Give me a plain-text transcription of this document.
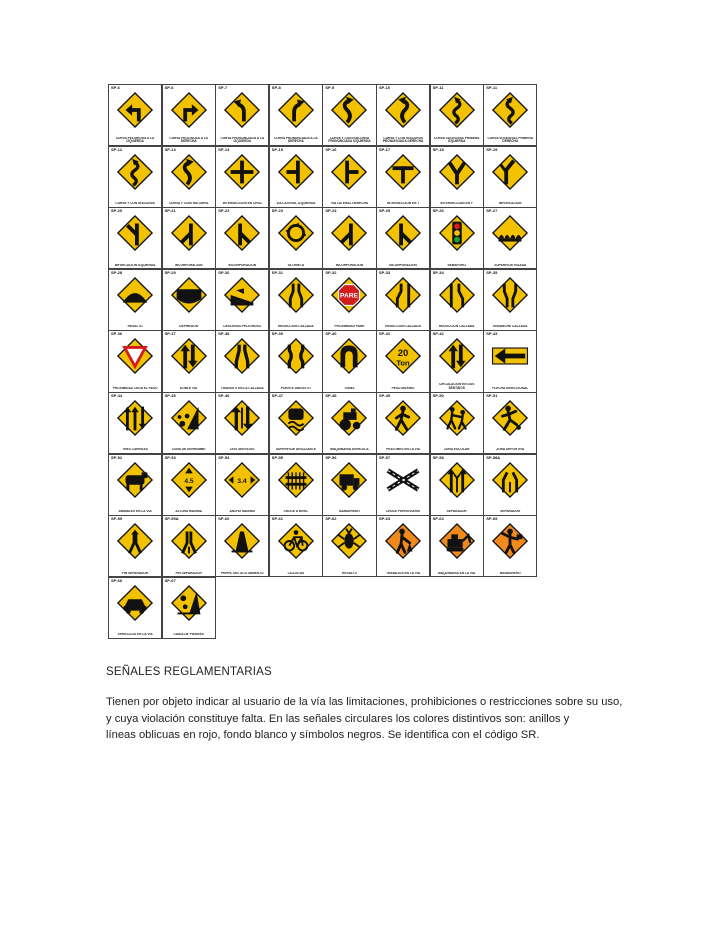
SP-6
CURVA PELIGROSA A LA IZQUIERDA
SP-6
CURVA PELIGROSA A LA DERECHA
SP-7
CURVA PRONUNCIADA A LA IZQUIERDA
SP-8
CURVA PRONUNCIADA A LA DERECHA
SP-9
CURVA Y CONTRACURVA PRONUNCIADA IZQUIERDA
SP-10
CURVA Y CONTRACURVA PRONUNCIADA DERECHA
SP-11
CURVA SUCESIVAS PRIMERA IZQUIERDA
SP-11
CURVA SUCESIVAS PRIMERA DERECHA
SP-12
CURVA Y CONTRACURVA
SP-13
CURVA Y CONTRACURVA
SP-14
INTERSECCIÓN EN CRUZ
SP-15
VÍA LATERAL IZQUIERDA
SP-16
VÍA LATERAL DERECHA
SP-17
INTERSECCIÓN EN T
SP-18
INTERSECCIÓN EN Y
SP-19
BIFURCACIÓN
SP-20
BIFURCACIÓN IZQUIERDA
SP-21
INCORPORACIÓN
SP-22
INCORPORACIÓN
SP-23
GLORIETA
SP-24
INCORPORACIÓN
SP-25
INCORPORACIÓN
SP-26
SEMÁFORO
SP-27
SUPERFICIE RIZADA
SP-28
RESALTO
SP-29
DEPRESIÓN
SP-30
DESCENSO PELIGROSO
SP-31
REDUCCIÓN CALZADA
SP-32
PARE
PROXIMIDAD PARE
SP-33
REDUCCIÓN CALZADA
SP-34
REDUCCIÓN CALZADA
SP-35
ENSANCHE CALZADA
SP-36
PROXIMIDAD CEDA EL PASO
SP-37
DOBLE VÍA
SP-38
TRÁNSITO EN LA CALZADA
SP-39
PUENTE ANGOSTO
SP-40
TÚNEL
SP-41
20
Ton
PESO MÁXIMO
SP-42
CIRCULACIÓN EN DOS SENTIDOS
SP-43
FLECHA DIRECCIONAL
SP-44
TRES CARRILES
SP-45
ZONA DE DERRUMBE
SP-46
DOS SENTIDOS
SP-47
SUPERFICIE DESLIZANTE
SP-48
MAQUINARIA AGRÍCOLA
SP-49
PEATONES EN LA VÍA
SP-50
ZONA ESCOLAR
SP-51
ZONA DEPORTIVA
SP-52
ANIMALES EN LA VÍA
SP-53
4.5
ALTURA MÁXIMA
SP-54
3.4
ANCHO MÁXIMO
SP-55
CRUCE A NIVEL
SP-56
BANDERERO
SP-57
CRUCE FERROVIARIO
SP-58
SEPARADOR
SP-58A
SEPARADOR
SP-59
FIN SEPARADOR
SP-59A
FIN SEPARADOR
SP-60
PERFIL DEL ACOTAMIENTO
SP-61
CICLISTAS
SP-62
RESALTO
SP-63
TRABAJOS EN LA VÍA
SP-64
MAQUINARIA EN LA VÍA
SP-65
BANDERERO
SP-66
VEHÍCULOS EN LA VÍA
SP-67
CAÍDA DE PIEDRAS
SEÑALES REGLAMENTARIAS

Tienen por objeto indicar al usuario de la vía las limitaciones, prohibiciones o restricciones sobre su uso,
y cuya violación constituye falta. En las señales circulares los colores distintivos son: anillos y
líneas oblicuas en rojo, fondo blanco y símbolos negros. Se identifica con el código SR.
